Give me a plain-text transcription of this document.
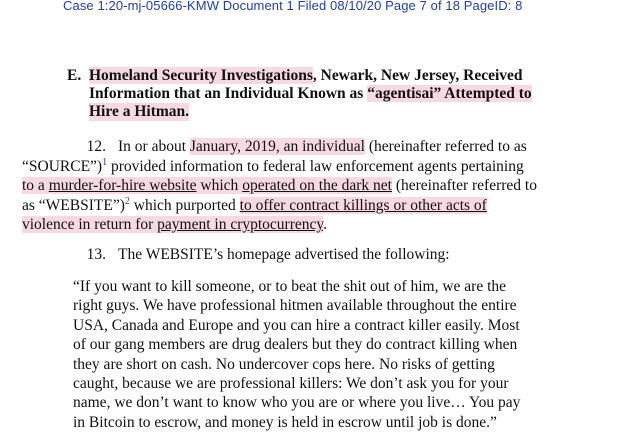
Case 1:20-mj-05666-KMW Document 1 Filed 08/10/20 Page 7 of 18 PageID: 8
E. Homeland Security Investigations, Newark, New Jersey, Received
Information that an Individual Known as “agentisai” Attempted to
Hire a Hitman.
12. In or about January, 2019, an individual (hereinafter referred to as
“SOURCE”)$^1$ provided information to federal law enforcement agents pertaining
to a murder-for-hire website which operated on the dark net (hereinafter referred to
as “WEBSITE”)$^2$ which purported to offer contract killings or other acts of
violence in return for payment in cryptocurrency.
13. The WEBSITE’s homepage advertised the following:
“If you want to kill someone, or to beat the shit out of him, we are the
right guys. We have professional hitmen available throughout the entire
USA, Canada and Europe and you can hire a contract killer easily. Most
of our gang members are drug dealers but they do contract killing when
they are short on cash. No undercover cops here. No risks of getting
caught, because we are professional killers: We don’t ask you for your
name, we don’t want to know who you are or where you live… You pay
in Bitcoin to escrow, and money is held in escrow until job is done.”
